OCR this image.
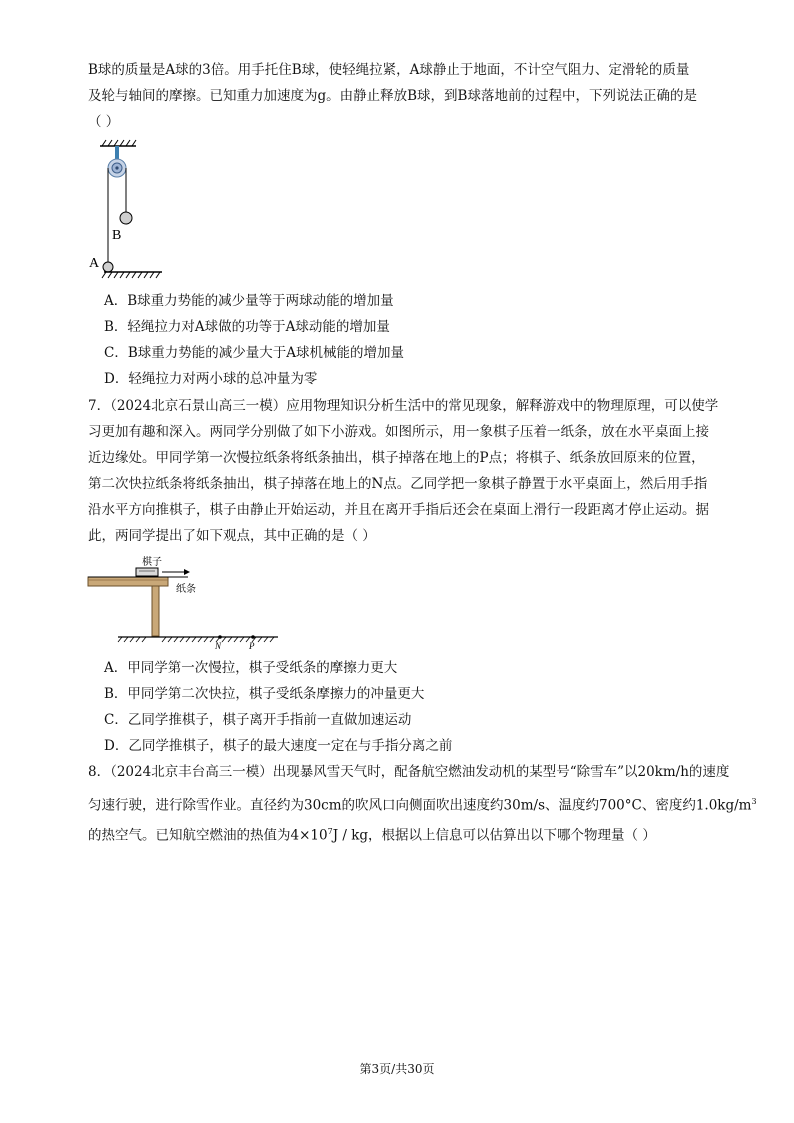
B球的质量是A球的3倍。用手托住B球，使轻绳拉紧，A球静止于地面，不计空气阻力、定滑轮的质量
及轮与轴间的摩擦。已知重力加速度为g。由静止释放B球，到B球落地前的过程中，下列说法正确的是
（ ）
B
A
A．B球重力势能的减少量等于两球动能的增加量
B．轻绳拉力对A球做的功等于A球动能的增加量
C．B球重力势能的减少量大于A球机械能的增加量
D．轻绳拉力对两小球的总冲量为零
7．（2024北京石景山高三一模）应用物理知识分析生活中的常见现象，解释游戏中的物理原理，可以使学
习更加有趣和深入。两同学分别做了如下小游戏。如图所示，用一象棋子压着一纸条，放在水平桌面上接
近边缘处。甲同学第一次慢拉纸条将纸条抽出，棋子掉落在地上的P点；将棋子、纸条放回原来的位置，
第二次快拉纸条将纸条抽出，棋子掉落在地上的N点。乙同学把一象棋子静置于水平桌面上，然后用手指
沿水平方向推棋子，棋子由静止开始运动，并且在离开手指后还会在桌面上滑行一段距离才停止运动。据
此，两同学提出了如下观点，其中正确的是（ ）
棋子
纸条
N	P
A．甲同学第一次慢拉，棋子受纸条的摩擦力更大
B．甲同学第二次快拉，棋子受纸条摩擦力的冲量更大
C．乙同学推棋子，棋子离开手指前一直做加速运动
D．乙同学推棋子，棋子的最大速度一定在与手指分离之前
8．（2024北京丰台高三一模）出现暴风雪天气时，配备航空燃油发动机的某型号“除雪车”以20km/h的速度
匀速行驶，进行除雪作业。直径约为30cm的吹风口向侧面吹出速度约30m/s、温度约700°C、密度约$1.0kg/m^3$
的热空气。已知航空燃油的热值为$4\times 10^7J$ / kg，根据以上信息可以估算出以下哪个物理量（ ）
第3页/共30页
